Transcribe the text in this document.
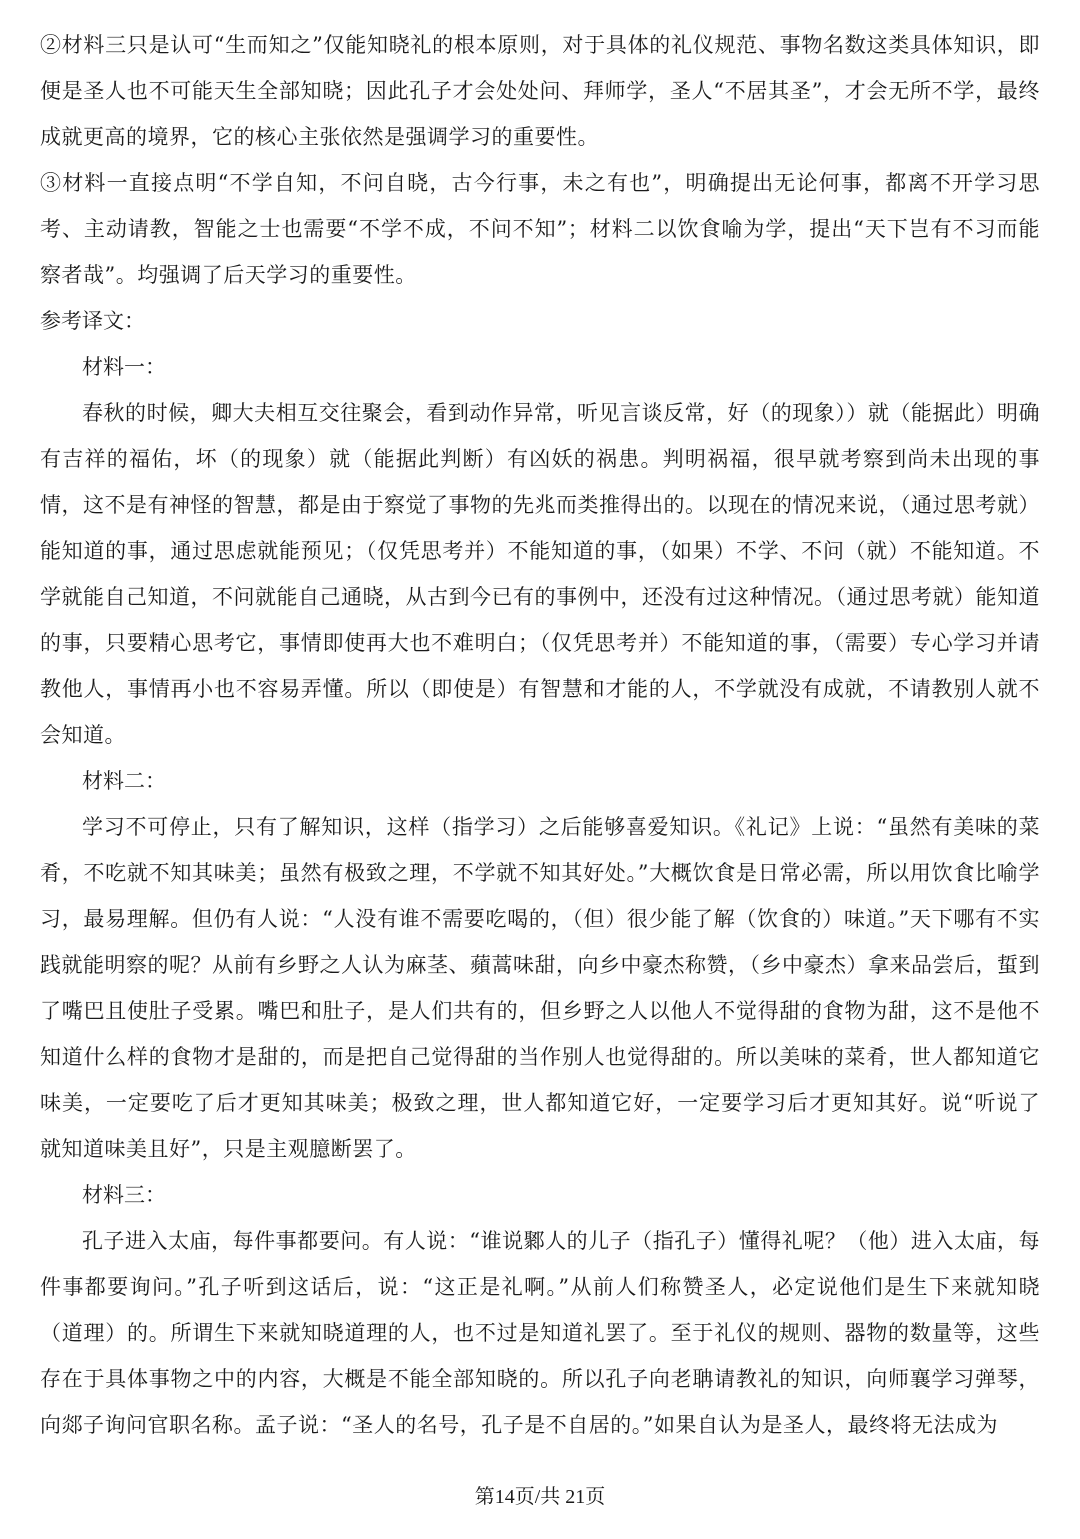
②材料三只是认可“生而知之”仅能知晓礼的根本原则，对于具体的礼仪规范、事物名数这类具体知识，即便是圣人也不可能天生全部知晓；因此孔子才会处处问、拜师学，圣人“不居其圣”，才会无所不学，最终成就更高的境界，它的核心主张依然是强调学习的重要性。

③材料一直接点明“不学自知，不问自晓，古今行事，未之有也”，明确提出无论何事，都离不开学习思考、主动请教，智能之士也需要“不学不成，不问不知”；材料二以饮食喻为学，提出“天下岂有不习而能察者哉”。均强调了后天学习的重要性。

参考译文：

材料一：

春秋的时候，卿大夫相互交往聚会，看到动作异常，听见言谈反常，好（的现象））就（能据此）明确有吉祥的福佑，坏（的现象）就（能据此判断）有凶妖的祸患。判明祸福，很早就考察到尚未出现的事情，这不是有神怪的智慧，都是由于察觉了事物的先兆而类推得出的。以现在的情况来说，（通过思考就）能知道的事，通过思虑就能预见；（仅凭思考并）不能知道的事，（如果）不学、不问（就）不能知道。不学就能自己知道，不问就能自己通晓，从古到今已有的事例中，还没有过这种情况。（通过思考就）能知道的事，只要精心思考它，事情即使再大也不难明白；（仅凭思考并）不能知道的事，（需要）专心学习并请教他人，事情再小也不容易弄懂。所以（即使是）有智慧和才能的人，不学就没有成就，不请教别人就不会知道。

材料二：

学习不可停止，只有了解知识，这样（指学习）之后能够喜爱知识。《礼记》上说：“虽然有美味的菜肴，不吃就不知其味美；虽然有极致之理，不学就不知其好处。”大概饮食是日常必需，所以用饮食比喻学习，最易理解。但仍有人说：“人没有谁不需要吃喝的，（但）很少能了解（饮食的）味道。”天下哪有不实践就能明察的呢？从前有乡野之人认为麻茎、蘋蒿味甜，向乡中豪杰称赞，（乡中豪杰）拿来品尝后，蜇到了嘴巴且使肚子受累。嘴巴和肚子，是人们共有的，但乡野之人以他人不觉得甜的食物为甜，这不是他不知道什么样的食物才是甜的，而是把自己觉得甜的当作别人也觉得甜的。所以美味的菜肴，世人都知道它味美，一定要吃了后才更知其味美；极致之理，世人都知道它好，一定要学习后才更知其好。说“听说了就知道味美且好”，只是主观臆断罢了。

材料三：

孔子进入太庙，每件事都要问。有人说：“谁说鄹人的儿子（指孔子）懂得礼呢？（他）进入太庙，每件事都要询问。”孔子听到这话后，说：“这正是礼啊。”从前人们称赞圣人，必定说他们是生下来就知晓（道理）的。所谓生下来就知晓道理的人，也不过是知道礼罢了。至于礼仪的规则、器物的数量等，这些存在于具体事物之中的内容，大概是不能全部知晓的。所以孔子向老聃请教礼的知识，向师襄学习弹琴，向郯子询问官职名称。孟子说：“圣人的名号，孔子是不自居的。”如果自认为是圣人，最终将无法成为

第14页/共 21页
